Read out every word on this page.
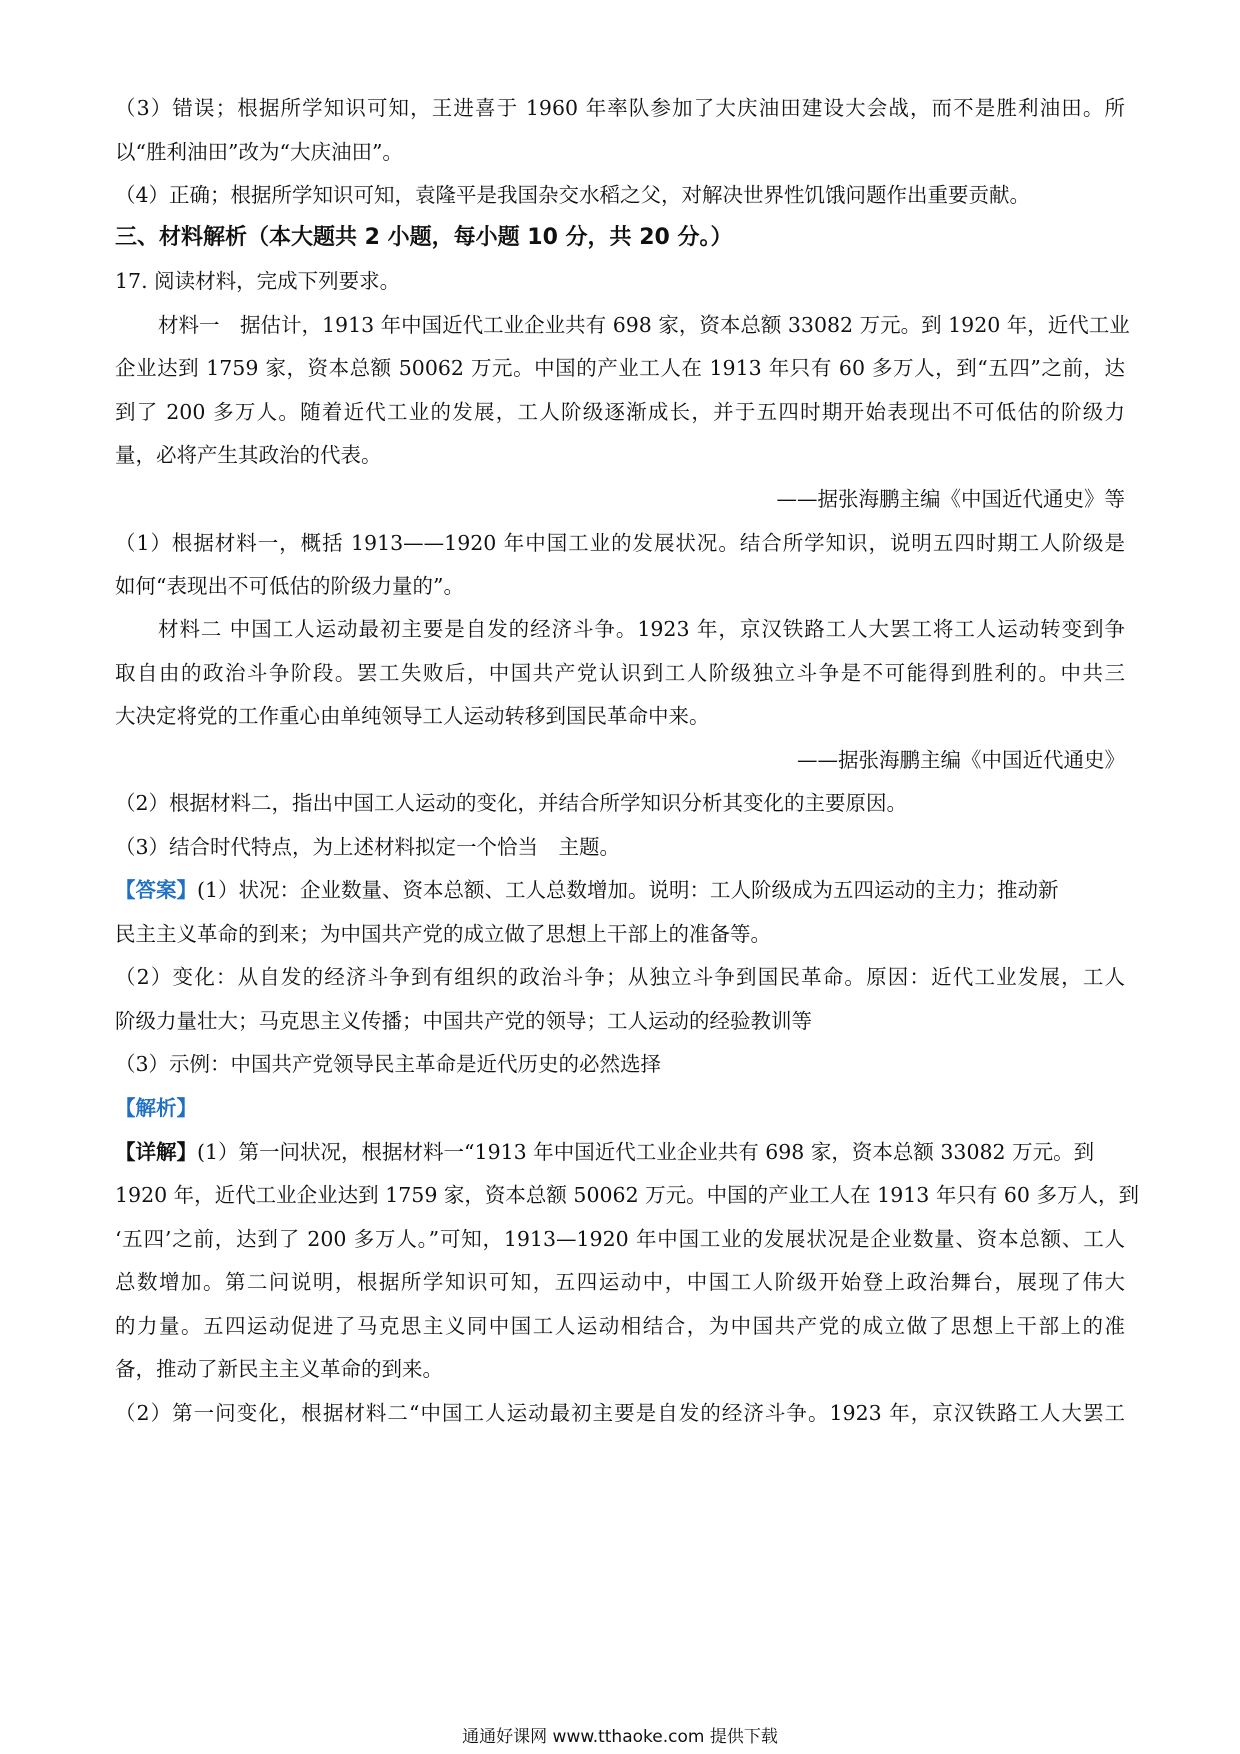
（3）错误；根据所学知识可知，王进喜于 1960 年率队参加了大庆油田建设大会战，而不是胜利油田。所
以“胜利油田”改为“大庆油田”。
（4）正确；根据所学知识可知，袁隆平是我国杂交水稻之父，对解决世界性饥饿问题作出重要贡献。
三、材料解析（本大题共 2 小题，每小题 10 分，共 20 分。）
17. 阅读材料，完成下列要求。
材料一　据估计，1913 年中国近代工业企业共有 698 家，资本总额 33082 万元。到 1920 年，近代工业
企业达到 1759 家，资本总额 50062 万元。中国的产业工人在 1913 年只有 60 多万人，到“五四”之前，达
到了 200 多万人。随着近代工业的发展，工人阶级逐渐成长，并于五四时期开始表现出不可低估的阶级力
量，必将产生其政治的代表。
——据张海鹏主编《中国近代通史》等
（1）根据材料一，概括 1913——1920 年中国工业的发展状况。结合所学知识，说明五四时期工人阶级是
如何“表现出不可低估的阶级力量的”。
材料二 中国工人运动最初主要是自发的经济斗争。1923 年，京汉铁路工人大罢工将工人运动转变到争
取自由的政治斗争阶段。罢工失败后，中国共产党认识到工人阶级独立斗争是不可能得到胜利的。中共三
大决定将党的工作重心由单纯领导工人运动转移到国民革命中来。
——据张海鹏主编《中国近代通史》
（2）根据材料二，指出中国工人运动的变化，并结合所学知识分析其变化的主要原因。
（3）结合时代特点，为上述材料拟定一个恰当　主题。
【答案】(1）状况：企业数量、资本总额、工人总数增加。说明：工人阶级成为五四运动的主力；推动新
民主主义革命的到来；为中国共产党的成立做了思想上干部上的准备等。
（2）变化：从自发的经济斗争到有组织的政治斗争；从独立斗争到国民革命。原因：近代工业发展，工人
阶级力量壮大；马克思主义传播；中国共产党的领导；工人运动的经验教训等
（3）示例：中国共产党领导民主革命是近代历史的必然选择
【解析】
【详解】(1）第一问状况，根据材料一“1913 年中国近代工业企业共有 698 家，资本总额 33082 万元。到
1920 年，近代工业企业达到 1759 家，资本总额 50062 万元。中国的产业工人在 1913 年只有 60 多万人，到
‘五四’之前，达到了 200 多万人。”可知，1913—1920 年中国工业的发展状况是企业数量、资本总额、工人
总数增加。第二问说明，根据所学知识可知，五四运动中，中国工人阶级开始登上政治舞台，展现了伟大
的力量。五四运动促进了马克思主义同中国工人运动相结合，为中国共产党的成立做了思想上干部上的准
备，推动了新民主主义革命的到来。
（2）第一问变化，根据材料二“中国工人运动最初主要是自发的经济斗争。1923 年，京汉铁路工人大罢工
通通好课网 www.tthaoke.com 提供下载
